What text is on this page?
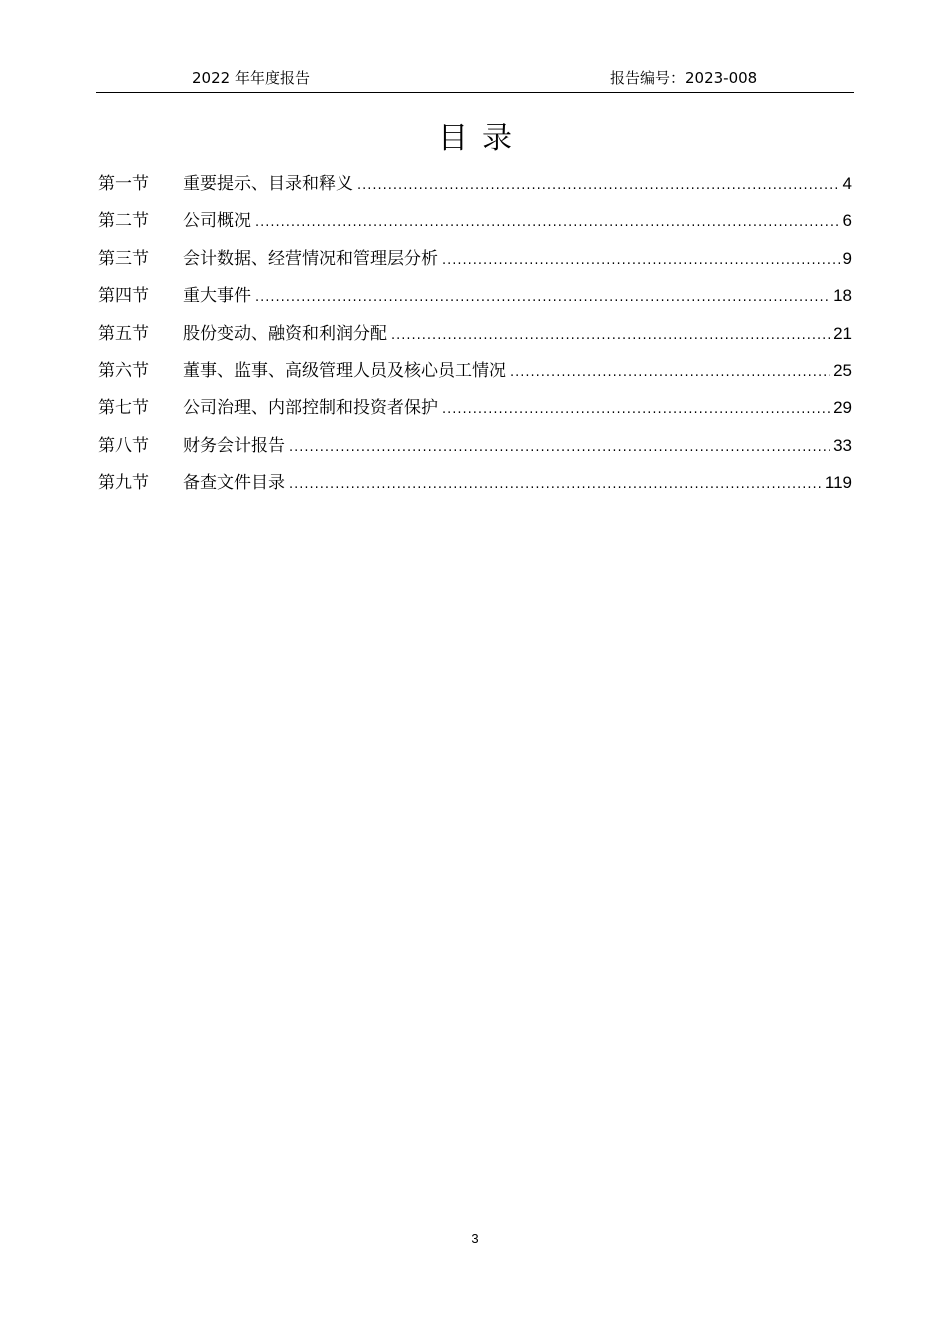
2022 年年度报告	报告编号：2023-008
目录
第一节	重要提示、目录和释义 .....	4
第二节	公司概况 .....	6
第三节	会计数据、经营情况和管理层分析 .....	9
第四节	重大事件 .....	18
第五节	股份变动、融资和利润分配 .....	21
第六节	董事、监事、高级管理人员及核心员工情况 .....	25
第七节	公司治理、内部控制和投资者保护 .....	29
第八节	财务会计报告 .....	33
第九节	备查文件目录 .....	119
3
